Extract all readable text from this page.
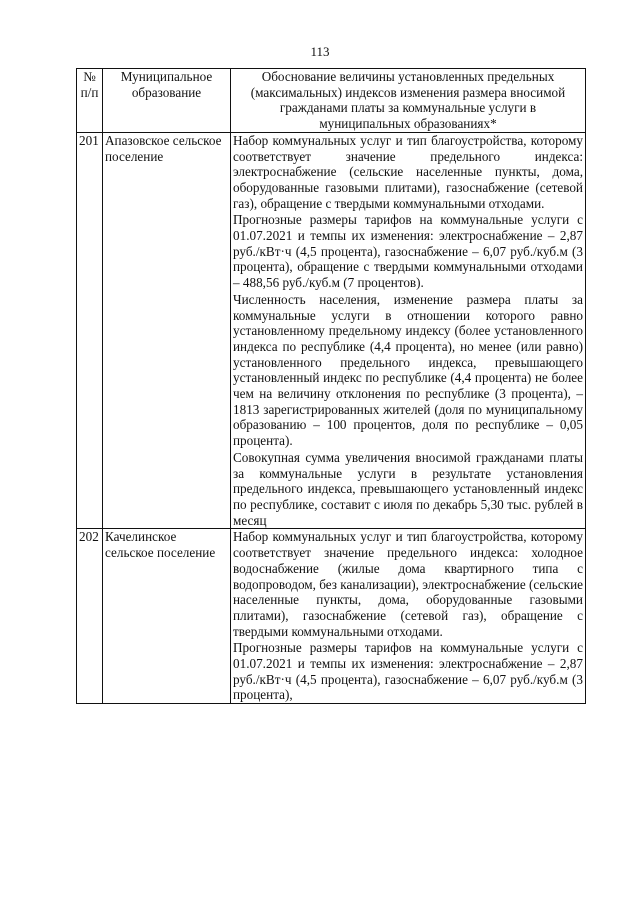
113
№ п/п	Муниципальное образование	Обоснование величины установленных предельных (максимальных) индексов изменения размера вносимой гражданами платы за коммунальные услуги в муниципальных образованиях*
201	Апазовское сельское поселение	Набор коммунальных услуг и тип благоустройства, которому соответствует значение предельного индекса: электроснабжение (сельские населенные пункты, дома, оборудованные газовыми плитами), газоснабжение (сетевой газ), обращение с твердыми коммунальными отходами.

Прогнозные размеры тарифов на коммунальные услуги с 01.07.2021 и темпы их изменения: электроснабжение – 2,87 руб./кВт·ч (4,5 процента), газоснабжение – 6,07 руб./куб.м (3 процента), обращение с твердыми коммунальными отходами – 488,56 руб./куб.м (7 процентов).

Численность населения, изменение размера платы за коммунальные услуги в отношении которого равно установленному предельному индексу (более установленного индекса по республике (4,4 процента), но менее (или равно) установленного предельного индекса, превышающего установленный индекс по республике (4,4 процента) не более чем на величину отклонения по республике (3 процента), – 1813 зарегистрированных жителей (доля по муниципальному образованию – 100 процентов, доля по республике – 0,05 процента).

Совокупная сумма увеличения вносимой гражданами платы за коммунальные услуги в результате установления предельного индекса, превышающего установленный индекс по республике, составит с июля по декабрь 5,30 тыс. рублей в месяц

202	Качелинское сельское поселение	Набор коммунальных услуг и тип благоустройства, которому соответствует значение предельного индекса: холодное водоснабжение (жилые дома квартирного типа с водопроводом, без канализации), электроснабжение (сельские населенные пункты, дома, оборудованные газовыми плитами), газоснабжение (сетевой газ), обращение с твердыми коммунальными отходами.

Прогнозные размеры тарифов на коммунальные услуги с 01.07.2021 и темпы их изменения: электроснабжение – 2,87 руб./кВт·ч (4,5 процента), газоснабжение – 6,07 руб./куб.м (3 процента),
